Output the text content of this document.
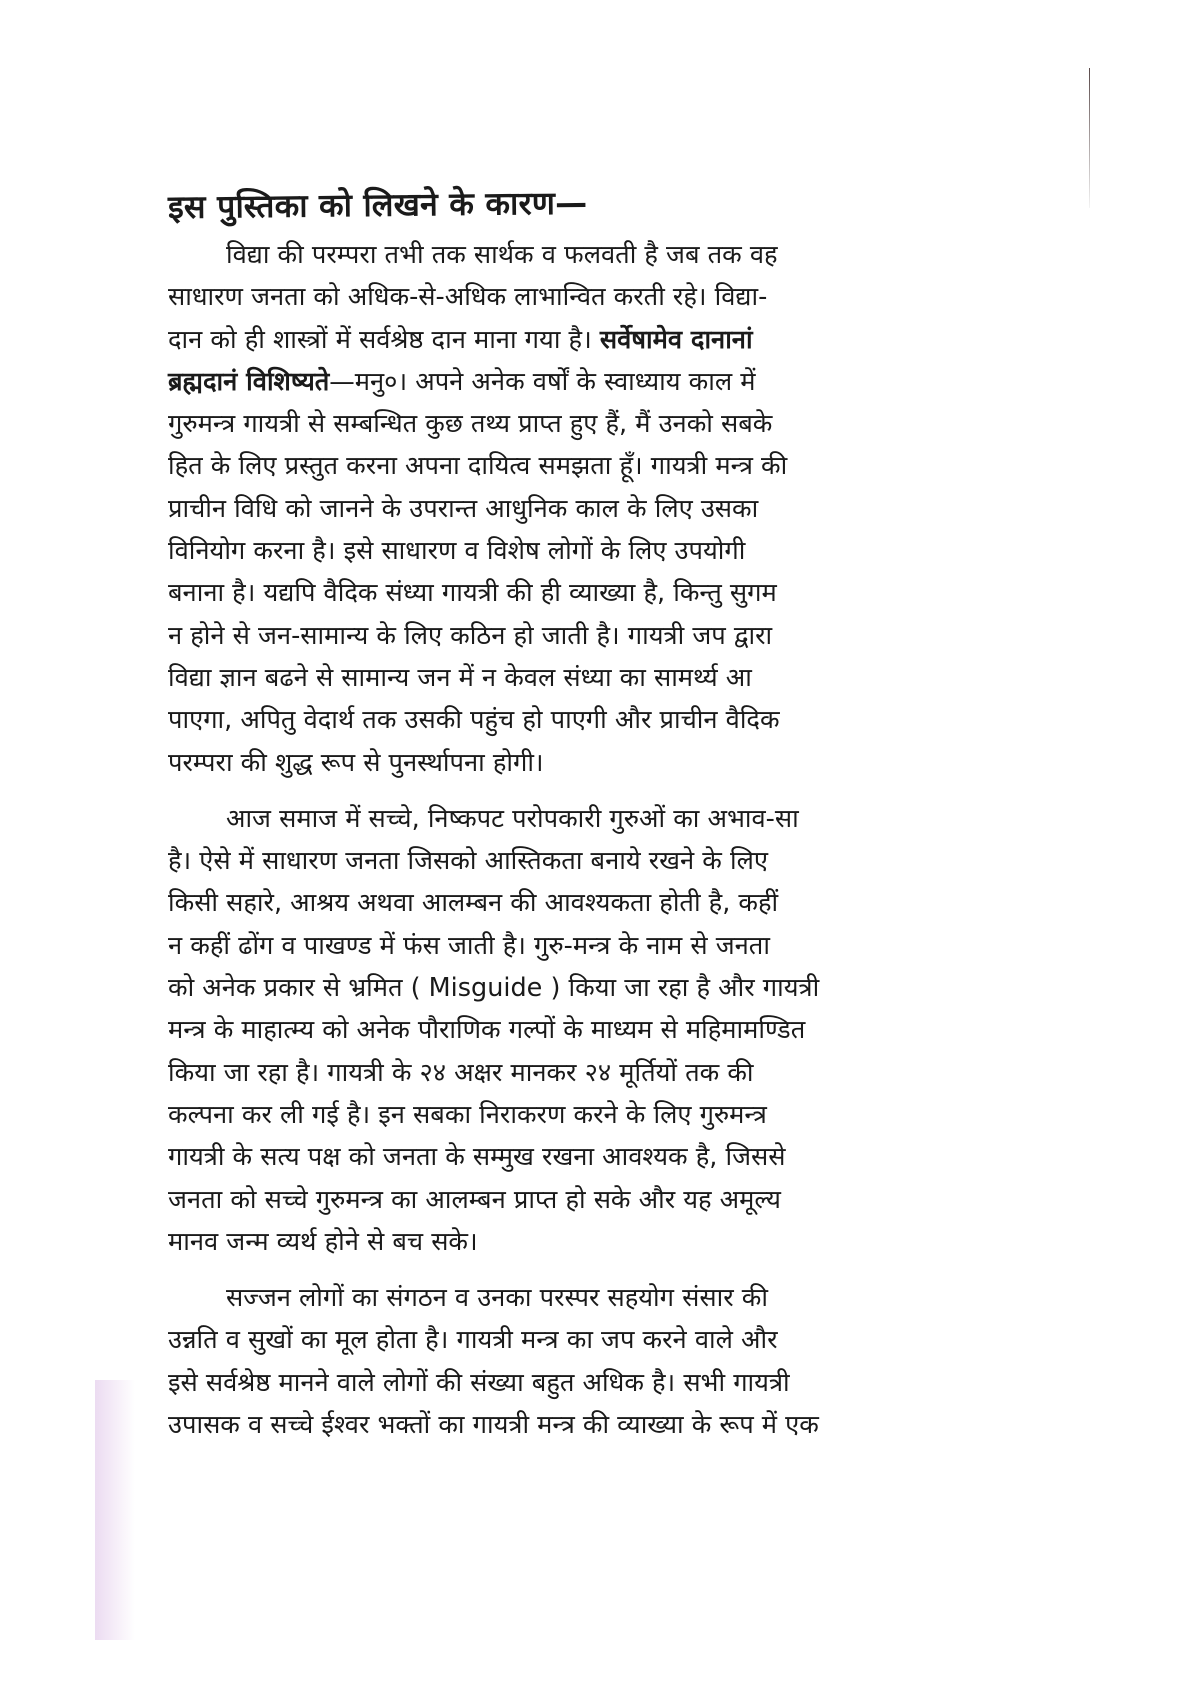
इस पुस्तिका को लिखने के कारण—
विद्या की परम्परा तभी तक सार्थक व फलवती है जब तक वह
साधारण जनता को अधिक-से-अधिक लाभान्वित करती रहे। विद्या-
दान को ही शास्त्रों में सर्वश्रेष्ठ दान माना गया है। सर्वेषामेव दानानां
ब्रह्मदानं विशिष्यते—मनु०। अपने अनेक वर्षों के स्वाध्याय काल में
गुरुमन्त्र गायत्री से सम्बन्धित कुछ तथ्य प्राप्त हुए हैं, मैं उनको सबके
हित के लिए प्रस्तुत करना अपना दायित्व समझता हूँ। गायत्री मन्त्र की
प्राचीन विधि को जानने के उपरान्त आधुनिक काल के लिए उसका
विनियोग करना है। इसे साधारण व विशेष लोगों के लिए उपयोगी
बनाना है। यद्यपि वैदिक संध्या गायत्री की ही व्याख्या है, किन्तु सुगम
न होने से जन-सामान्य के लिए कठिन हो जाती है। गायत्री जप द्वारा
विद्या ज्ञान बढने से सामान्य जन में न केवल संध्या का सामर्थ्य आ
पाएगा, अपितु वेदार्थ तक उसकी पहुंच हो पाएगी और प्राचीन वैदिक
परम्परा की शुद्ध रूप से पुनर्स्थापना होगी।
आज समाज में सच्चे, निष्कपट परोपकारी गुरुओं का अभाव-सा
है। ऐसे में साधारण जनता जिसको आस्तिकता बनाये रखने के लिए
किसी सहारे, आश्रय अथवा आलम्बन की आवश्यकता होती है, कहीं
न कहीं ढोंग व पाखण्ड में फंस जाती है। गुरु-मन्त्र के नाम से जनता
को अनेक प्रकार से भ्रमित ( Misguide ) किया जा रहा है और गायत्री
मन्त्र के माहात्म्य को अनेक पौराणिक गल्पों के माध्यम से महिमामण्डित
किया जा रहा है। गायत्री के २४ अक्षर मानकर २४ मूर्तियों तक की
कल्पना कर ली गई है। इन सबका निराकरण करने के लिए गुरुमन्त्र
गायत्री के सत्य पक्ष को जनता के सम्मुख रखना आवश्यक है, जिससे
जनता को सच्चे गुरुमन्त्र का आलम्बन प्राप्त हो सके और यह अमूल्य
मानव जन्म व्यर्थ होने से बच सके।
सज्जन लोगों का संगठन व उनका परस्पर सहयोग संसार की
उन्नति व सुखों का मूल होता है। गायत्री मन्त्र का जप करने वाले और
इसे सर्वश्रेष्ठ मानने वाले लोगों की संख्या बहुत अधिक है। सभी गायत्री
उपासक व सच्चे ईश्वर भक्तों का गायत्री मन्त्र की व्याख्या के रूप में एक
